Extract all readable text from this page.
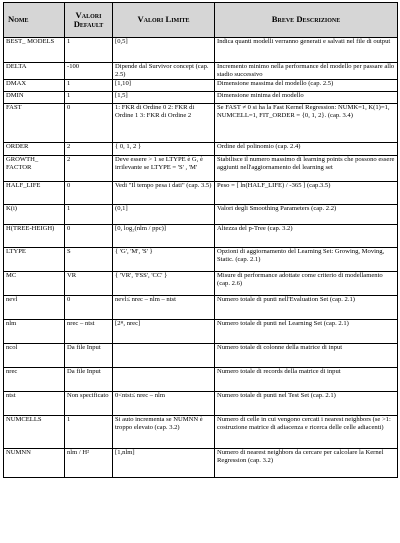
Nome	Valori Default	Valori Limite	Breve Descrizione
BEST_ MODELS	1	[0,5]	Indica quanti modelli verranno generati e salvati nel file di output
DELTA	-100	Dipende dal Survivor concept (cap. 2.5)	Incremento minimo nella performance del modello per passare allo stadio successivo
DMAX	1	[1,10]	Dimensione massima del modello (cap. 2.5)
DMIN	1	[1,5]	Dimensione minima del modello
FAST	0	1: FKR di Ordine 0 2: FKR di Ordine 1 3: FKR di Ordine 2	Se FAST ≠ 0 si ha la Fast Kernel Regression: NUMK=1, K(1)=1, NUMCELL=1, FIT_ORDER = {0, 1, 2}. (cap. 3.4)
ORDER	2	{ 0, 1, 2 }	Ordine del polinomio (cap. 2.4)
GROWTH_ FACTOR	2	Deve essere > 1 se LTYPE è G, è irrilevante se LTYPE = 'S' , 'M'	Stabilisce il numero massimo di learning points che possono essere aggiunti nell'aggiornamento del learning set
HALF_LIFE	0	Vedi "Il tempo pesa i dati" (cap. 3.5)	Peso = [ ln(HALF_LIFE) / -365 ] (cap.3.5)
K(i)	1	(0,1]	Valori degli Smoothing Parameters (cap. 2.2)
H(TREE-HEIGH)	0	[0, log₂(nlm / ppc)]	Altezza del p-Tree (cap. 3.2)
LTYPE	S	{ 'G', 'M', 'S' }	Opzioni di aggiornamento del Learning Set: Growing, Moving, Static. (cap. 2.1)
MC	VR	{ 'VR', 'FSS', 'CC' }	Misure di performance adottate come criterio di modellamento (cap. 2.6)
nevl	0	nevl≤ nrec – nlm – ntst	Numero totale di punti nell'Evaluation Set (cap. 2.1)
nlm	nrec – ntst	[2ᴴ, nrec]	Numero totale di punti nel Learning Set (cap. 2.1)
ncol	Da file Input		Numero totale di colonne della matrice di input
nrec	Da file Input		Numero totale di records della matrice di input
ntst	Non specificato	0<ntst≤ nrec – nlm	Numero totale di punti nel Test Set (cap. 2.1)
NUMCELLS	1	Si auto incrementa se NUMNN è troppo elevato (cap. 3.2)	Numero di celle in cui vengono cercati i nearest neighbors (se >1: costruzione matrice di adiacenza e ricerca delle celle adiacenti)
NUMNN	nlm / H²	[1,nlm]	Numero di nearest neighbors da cercare per calcolare la Kernel Regression (cap. 3.2)
